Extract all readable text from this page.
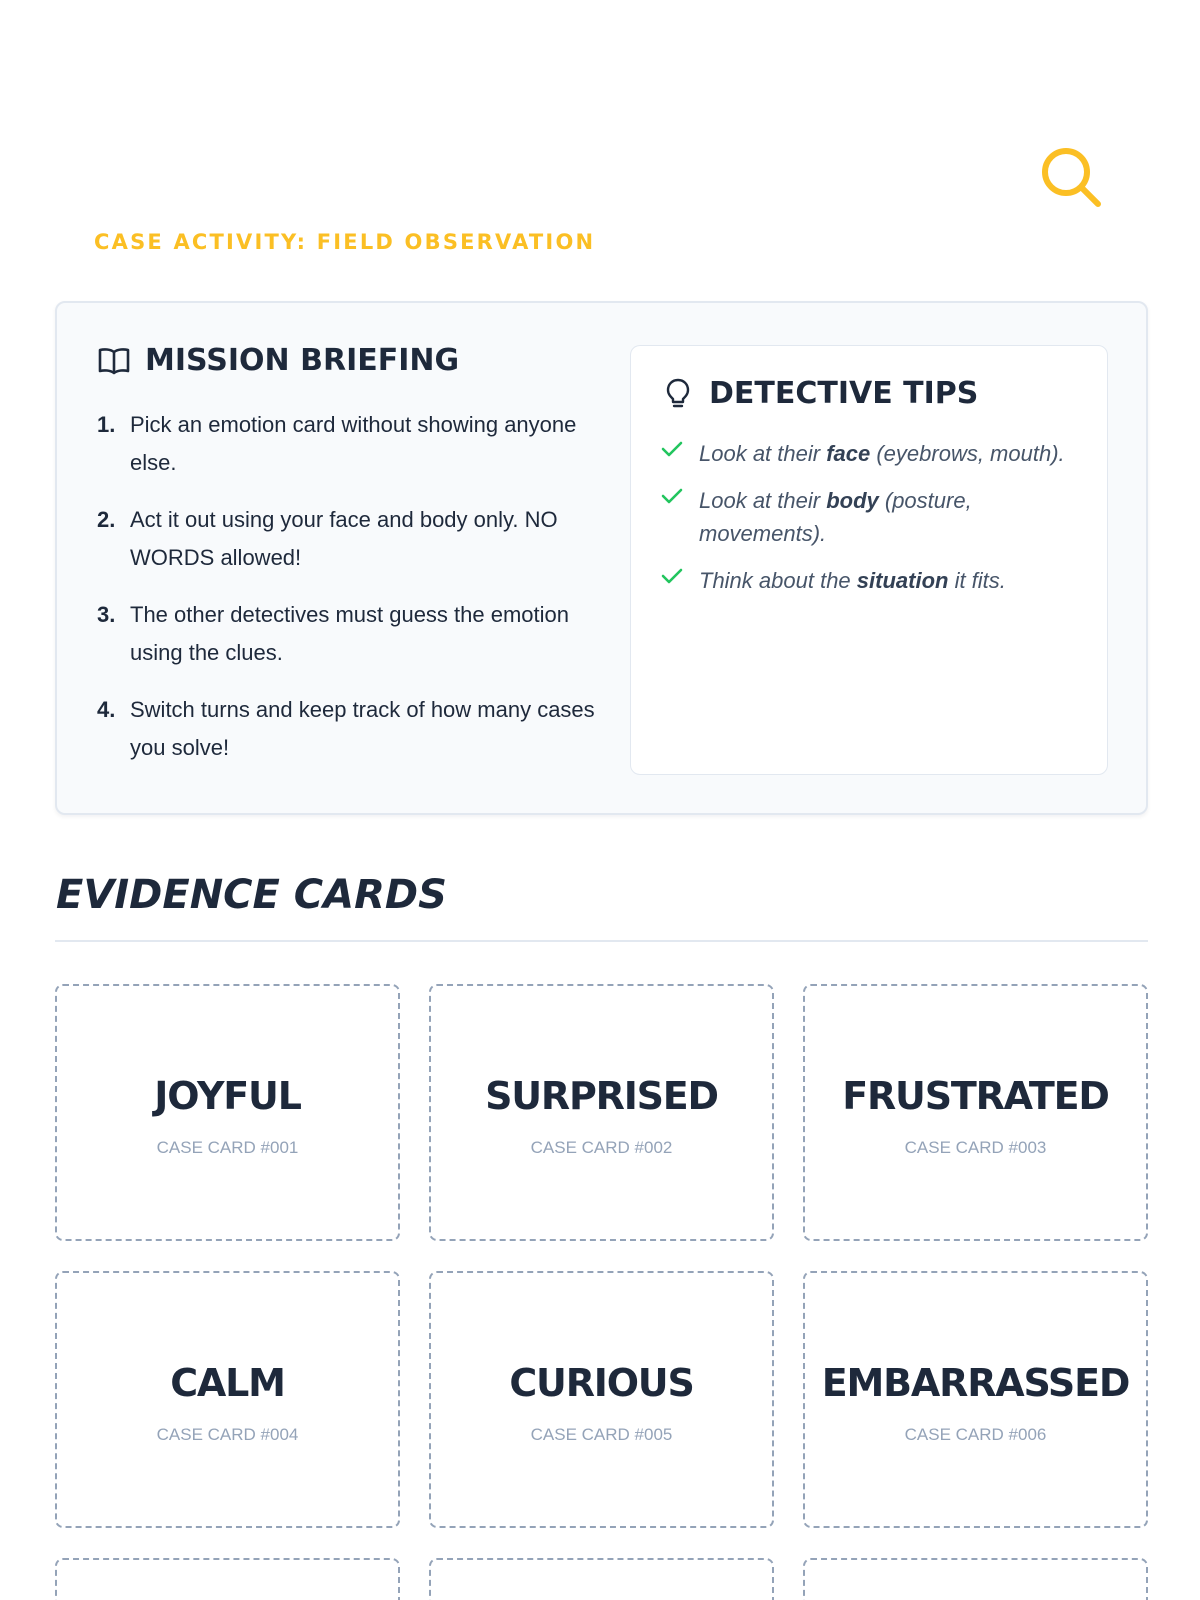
CASE ACTIVITY: FIELD OBSERVATION
MISSION BRIEFING
1. Pick an emotion card without showing anyone else.
2. Act it out using your face and body only. NO WORDS allowed!
3. The other detectives must guess the emotion using the clues.
4. Switch turns and keep track of how many cases you solve!
DETECTIVE TIPS
Look at their face (eyebrows, mouth).
Look at their body (posture, movements).
Think about the situation it fits.
EVIDENCE CARDS
JOYFUL
CASE CARD #001
SURPRISED
CASE CARD #002
FRUSTRATED
CASE CARD #003
CALM
CASE CARD #004
CURIOUS
CASE CARD #005
EMBARRASSED
CASE CARD #006
